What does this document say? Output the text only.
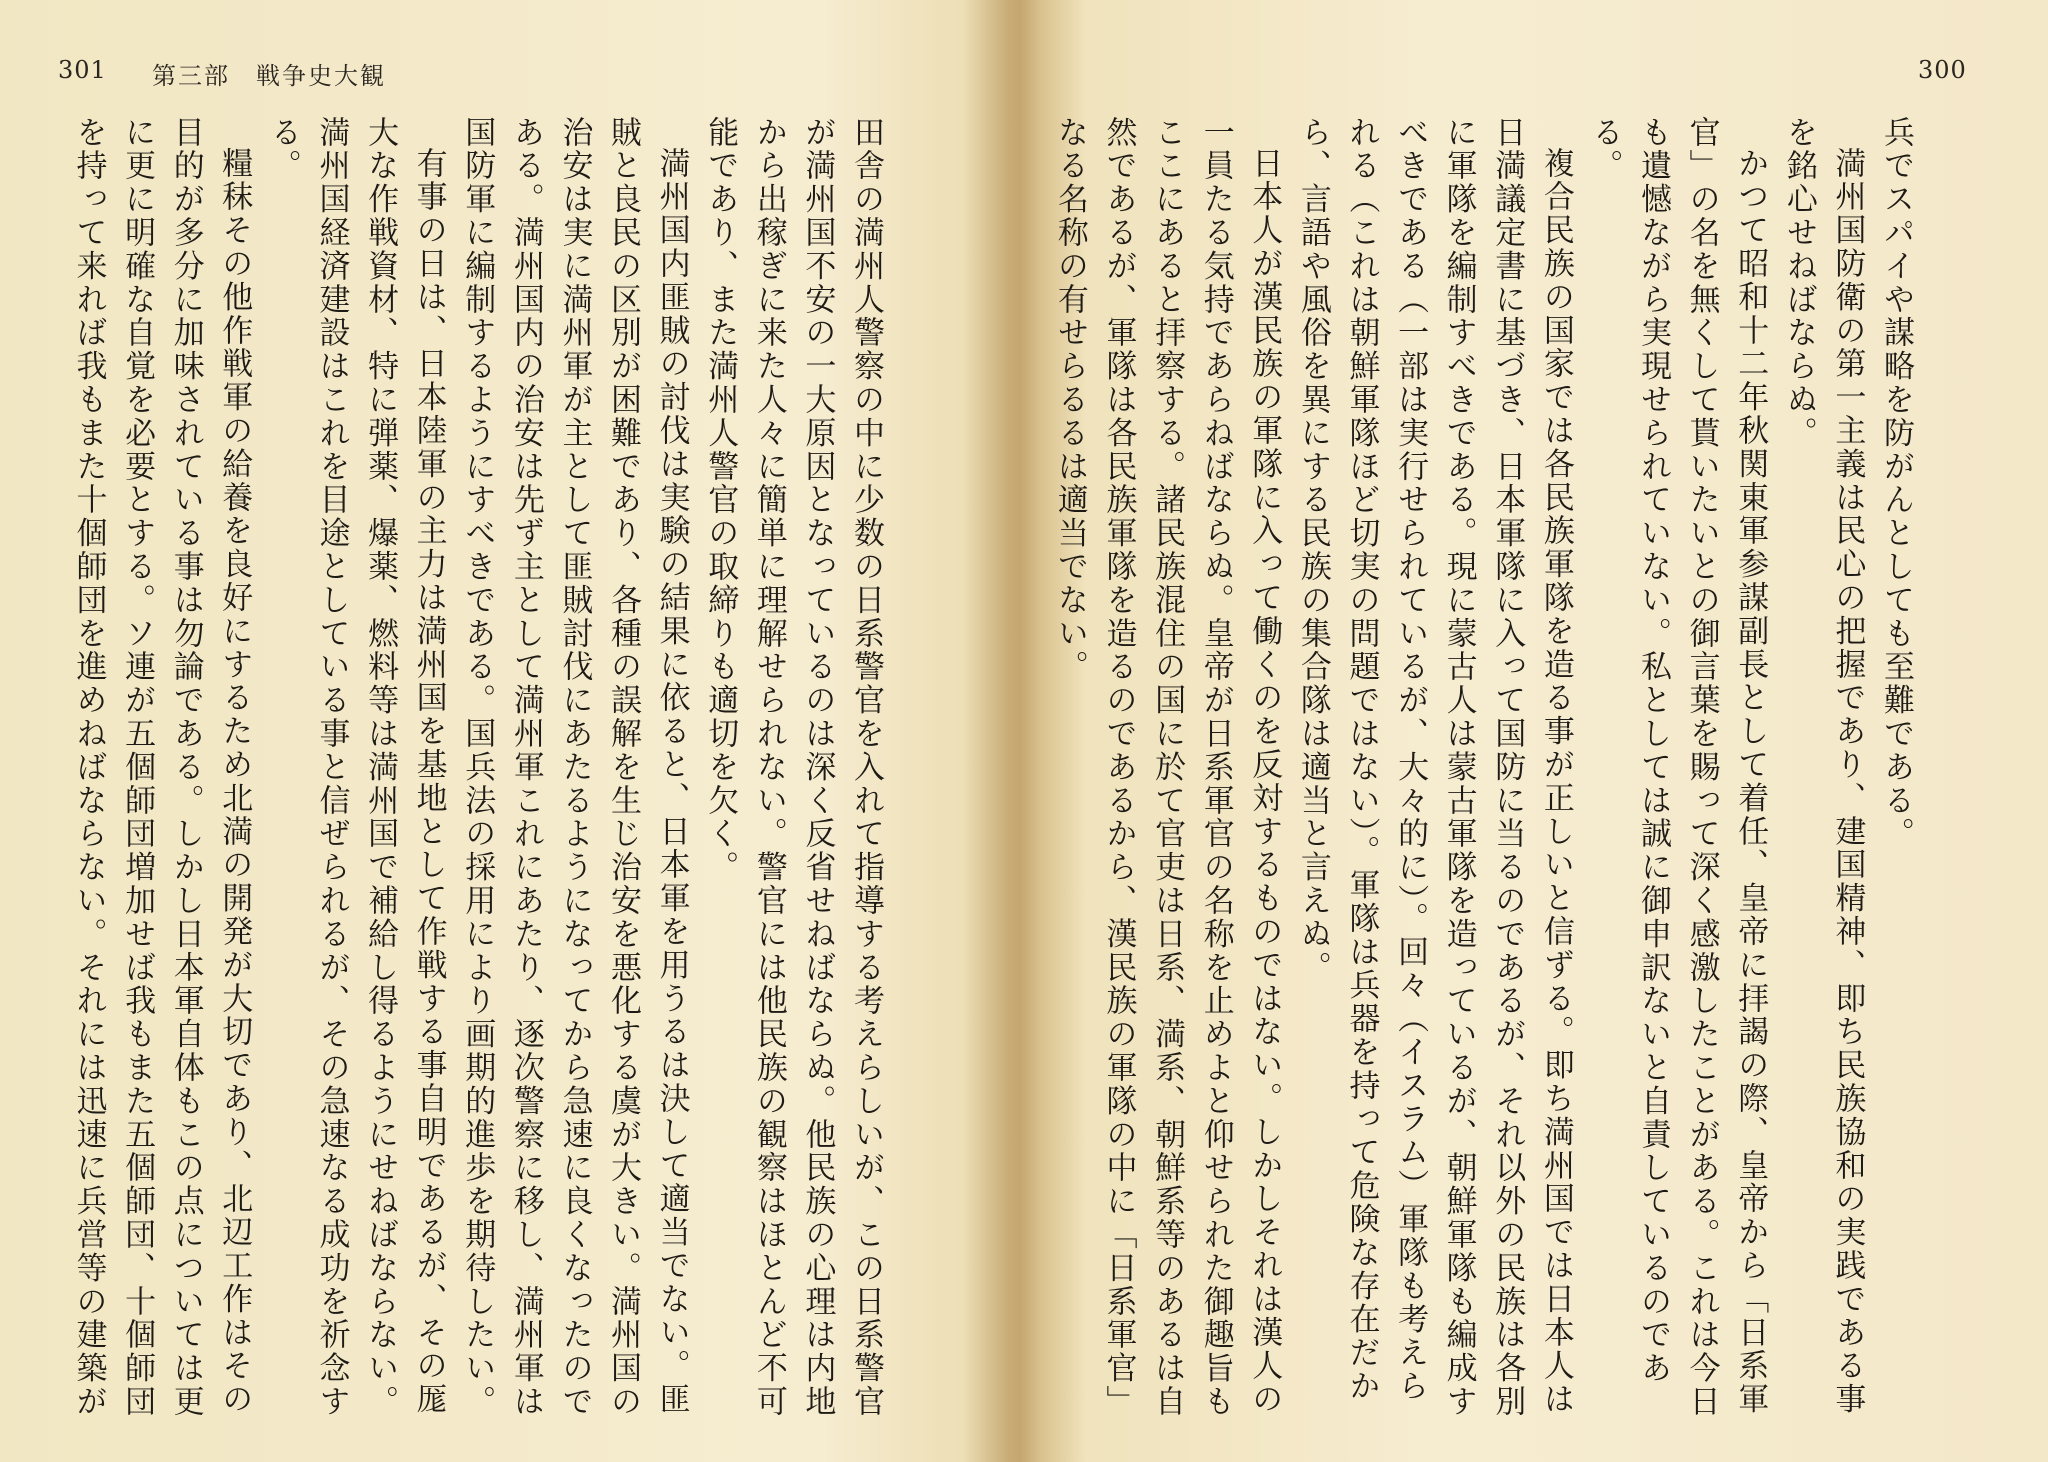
301 第三部　戦争史大観

田舎の満州人警察の中に少数の日系警官を入れて指導する考えらしいが、この日系警官が満州国不安の一大原因となっているのは深く反省せねばならぬ。他民族の心理は内地から出稼ぎに来た人々に簡単に理解せられない。警官には他民族の観察はほとんど不可能であり、また満州人警官の取締りも適切を欠く。

満州国内匪賊の討伐は実験の結果に依ると、日本軍を用うるは決して適当でない。匪賊と良民の区別が困難であり、各種の誤解を生じ治安を悪化する虞が大きい。満州国の治安は実に満州軍が主として匪賊討伐にあたるようになってから急速に良くなったのである。満州国内の治安は先ず主として満州軍これにあたり、逐次警察に移し、満州軍は国防軍に編制するようにすべきである。国兵法の採用により画期的進歩を期待したい。

有事の日は、日本陸軍の主力は満州国を基地として作戦する事自明であるが、その厖大な作戦資材、特に弾薬、爆薬、燃料等は満州国で補給し得るようにせねばならない。満州国経済建設はこれを目途としている事と信ぜられるが、その急速なる成功を祈念する。

糧秣その他作戦軍の給養を良好にするため北満の開発が大切であり、北辺工作はその目的が多分に加味されている事は勿論である。しかし日本軍自体もこの点については更に更に明確な自覚を必要とする。ソ連が五個師団増加せば我もまた五個師団、十個師団を持って来れば我もまた十個師団を進めねばならない。それには迅速に兵営等の建築が

300

兵でスパイや謀略を防がんとしても至難である。

満州国防衛の第一主義は民心の把握であり、建国精神、即ち民族協和の実践である事を銘心せねばならぬ。

かつて昭和十二年秋関東軍参謀副長として着任、皇帝に拝謁の際、皇帝から「日系軍官」の名を無くして貰いたいとの御言葉を賜って深く感激したことがある。これは今日も遺憾ながら実現せられていない。私としては誠に御申訳ないと自責しているのである。

複合民族の国家では各民族軍隊を造る事が正しいと信ずる。即ち満州国では日本人は日満議定書に基づき、日本軍隊に入って国防に当るのであるが、それ以外の民族は各別に軍隊を編制すべきである。現に蒙古人は蒙古軍隊を造っているが、朝鮮軍隊も編成すべきである（一部は実行せられているが、大々的に）。回々（イスラム）軍隊も考えられる（これは朝鮮軍隊ほど切実の問題ではない）。軍隊は兵器を持って危険な存在だから、言語や風俗を異にする民族の集合隊は適当と言えぬ。

日本人が漢民族の軍隊に入って働くのを反対するものではない。しかしそれは漢人の一員たる気持であらねばならぬ。皇帝が日系軍官の名称を止めよと仰せられた御趣旨もここにあると拝察する。諸民族混住の国に於て官吏は日系、満系、朝鮮系等のあるは自然であるが、軍隊は各民族軍隊を造るのであるから、漢民族の軍隊の中に「日系軍官」なる名称の有せらるるは適当でない。
